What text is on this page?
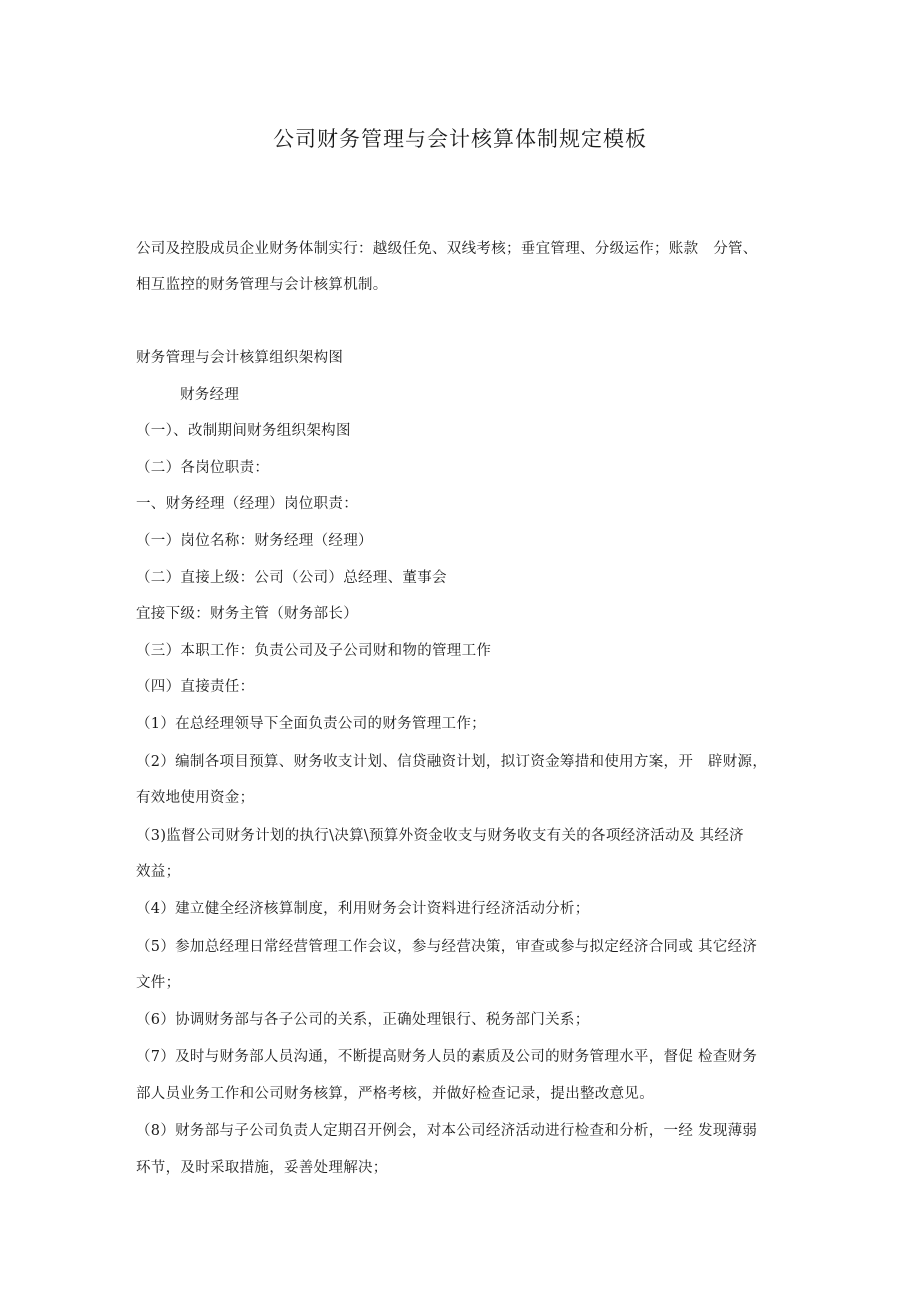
公司财务管理与会计核算体制规定模板
公司及控股成员企业财务体制实行：越级任免、双线考核；垂宜管理、分级运作；账款　分管、
相互监控的财务管理与会计核算机制。
财务管理与会计核算组织架构图
财务经理
（一）、改制期间财务组织架构图
（二）各岗位职责：
一、财务经理（经理）岗位职责：
（一）岗位名称：财务经理（经理）
（二）直接上级：公司（公司）总经理、董事会
宜接下级：财务主管（财务部长）
（三）本职工作：负责公司及子公司财和物的管理工作
（四）直接责任：
（1）在总经理领导下全面负责公司的财务管理工作；
（2）编制各项目预算、财务收支计划、信贷融资计划，拟订资金筹措和使用方案，开　辟财源，
有效地使用资金；
（3)监督公司财务计划的执行\决算\预算外资金收支与财务收支有关的各项经济活动及 其经济
效益；
（4）建立健全经济核算制度，利用财务会计资料进行经济活动分析；
（5）参加总经理日常经营管理工作会议，参与经营决策，审查或参与拟定经济合同或 其它经济
文件；
（6）协调财务部与各子公司的关系，正确处理银行、税务部门关系；
（7）及时与财务部人员沟通，不断提高财务人员的素质及公司的财务管理水平，督促 检查财务
部人员业务工作和公司财务核算，严格考核，并做好检查记录，提出整改意见。
（8）财务部与子公司负责人定期召开例会，对本公司经济活动进行检查和分析，一经 发现薄弱
环节，及时采取措施，妥善处理解决；
